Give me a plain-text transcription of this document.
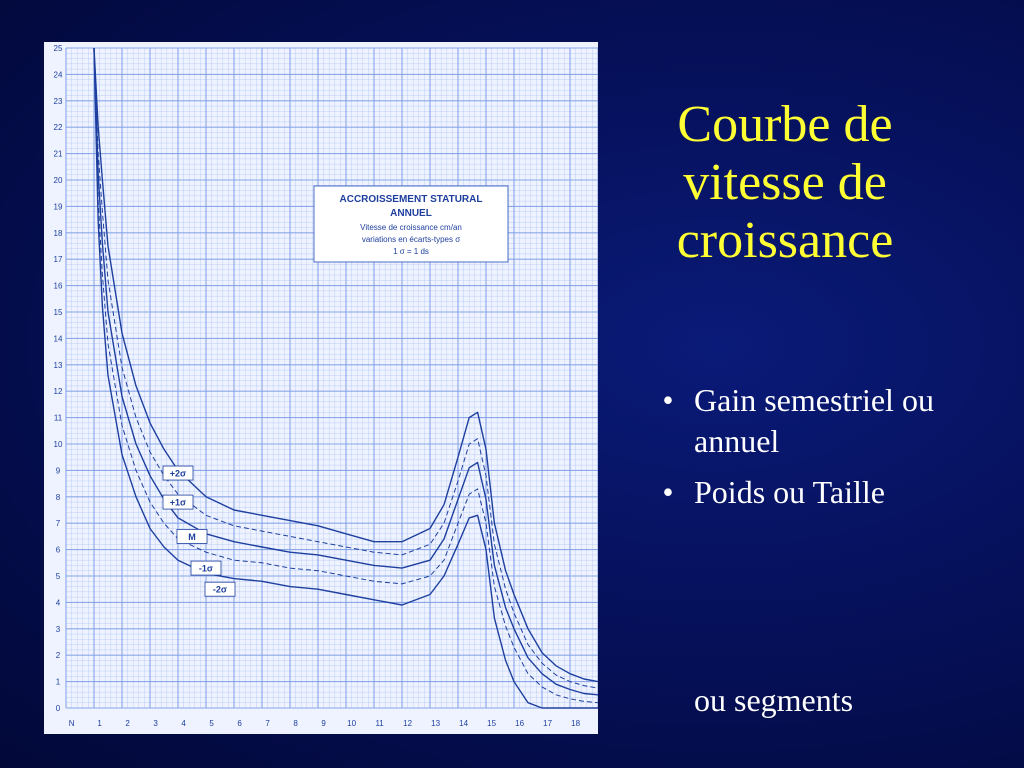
0
1
2
3
4
5
6
7
8
9
10
11
12
13
14
15
16
17
18
19
20
21
22
23
24
25
N	1	2	3	4	5	6	7	8	9	10 11 12 13 14 15 16 17 18
+2σ
+1σ
M
-1σ
-2σ
ACCROISSEMENT STATURAL
ANNUEL
Vitesse de croissance cm/an
variations en écarts-types σ
1 σ = 1 ds
Courbe de vitesse de croissance
• Gain semestriel ou annuel
• Poids ou Taille
ou segments
